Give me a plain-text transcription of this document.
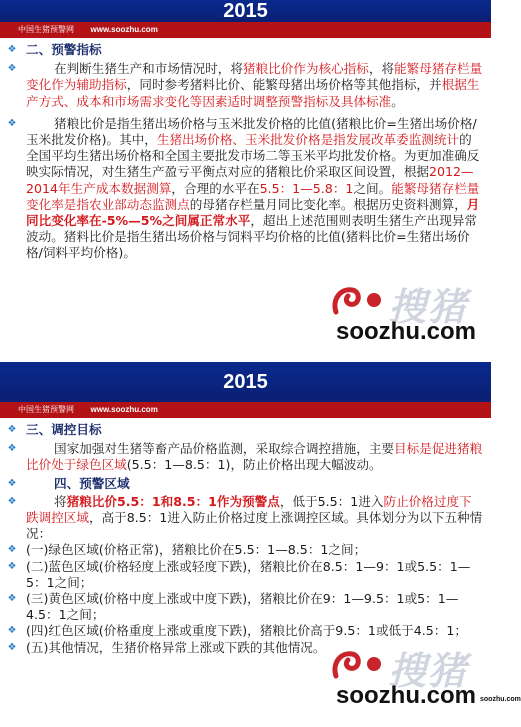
2015
中国生猪预警网 www.soozhu.com
❖ 二、预警指标
❖	在判断生猪生产和市场情况时，将猪粮比价作为核心指标，将能繁母猪存栏量变化作为辅助指标，同时参考猪料比价、能繁母猪出场价格等其他指标，并根据生产方式、成本和市场需求变化等因素适时调整预警指标及具体标准。
❖	猪粮比价是指生猪出场价格与玉米批发价格的比值(猪粮比价=生猪出场价格/玉米批发价格)。其中，生猪出场价格、玉米批发价格是指发展改革委监测统计的全国平均生猪出场价格和全国主要批发市场二等玉米平均批发价格。为更加准确反映实际情况，对生猪生产盈亏平衡点对应的猪粮比价采取区间设置，根据2012—2014年生产成本数据测算，合理的水平在5.5：1—5.8：1之间。能繁母猪存栏量变化率是指农业部动态监测点的母猪存栏量月同比变化率。根据历史资料测算，月同比变化率在-5%—5%之间属正常水平，超出上述范围则表明生猪生产出现异常波动。猪料比价是指生猪出场价格与饲料平均价格的比值(猪料比价=生猪出场价格/饲料平均价格)。
搜猪
soozhu.com
2015
中国生猪预警网 www.soozhu.com
❖ 三、调控目标
❖	国家加强对生猪等畜产品价格监测，采取综合调控措施，主要目标是促进猪粮比价处于绿色区域(5.5：1—8.5：1)，防止价格出现大幅波动。
❖	四、预警区域
❖	将猪粮比价5.5：1和8.5：1作为预警点，低于5.5：1进入防止价格过度下跌调控区域，高于8.5：1进入防止价格过度上涨调控区域。具体划分为以下五种情况：
❖ (一)绿色区域(价格正常)，猪粮比价在5.5：1—8.5：1之间；
❖ (二)蓝色区域(价格轻度上涨或轻度下跌)，猪粮比价在8.5：1—9：1或5.5：1—5：1之间；
❖ (三)黄色区域(价格中度上涨或中度下跌)，猪粮比价在9：1—9.5：1或5：1—4.5：1之间；
❖ (四)红色区域(价格重度上涨或重度下跌)，猪粮比价高于9.5：1或低于4.5：1；
❖ (五)其他情况，生猪价格异常上涨或下跌的其他情况。
搜猪
soozhu.com soozhu.com
